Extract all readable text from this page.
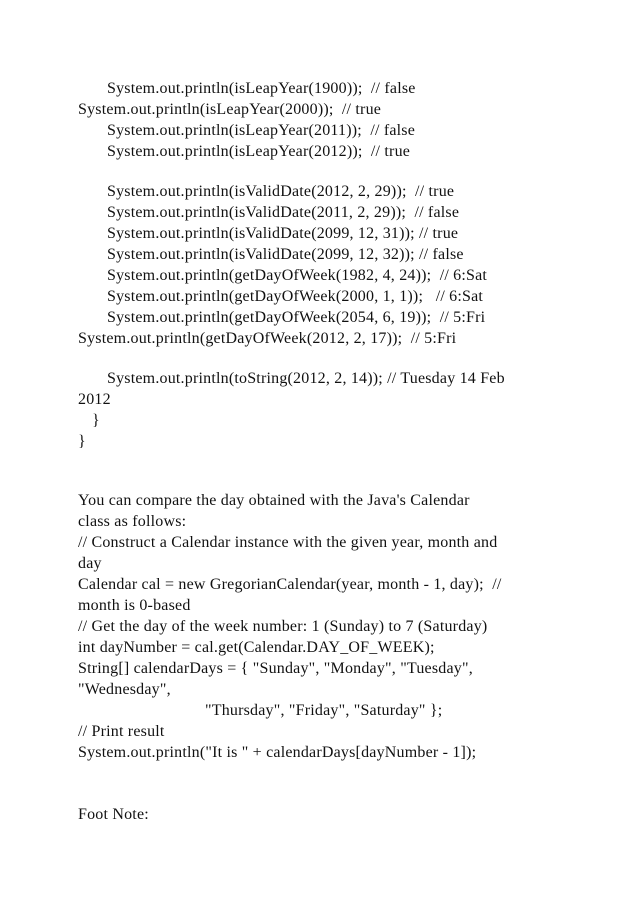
System.out.println(isLeapYear(1900));  // false
System.out.println(isLeapYear(2000));  // true
System.out.println(isLeapYear(2011));  // false
System.out.println(isLeapYear(2012));  // true
System.out.println(isValidDate(2012, 2, 29));  // true
System.out.println(isValidDate(2011, 2, 29));  // false
System.out.println(isValidDate(2099, 12, 31)); // true
System.out.println(isValidDate(2099, 12, 32)); // false
System.out.println(getDayOfWeek(1982, 4, 24));  // 6:Sat
System.out.println(getDayOfWeek(2000, 1, 1));   // 6:Sat
System.out.println(getDayOfWeek(2054, 6, 19));  // 5:Fri
System.out.println(getDayOfWeek(2012, 2, 17));  // 5:Fri
System.out.println(toString(2012, 2, 14)); // Tuesday 14 Feb
2012
}
}
You can compare the day obtained with the Java's Calendar
class as follows:
// Construct a Calendar instance with the given year, month and
day
Calendar cal = new GregorianCalendar(year, month - 1, day);  //
month is 0-based
// Get the day of the week number: 1 (Sunday) to 7 (Saturday)
int dayNumber = cal.get(Calendar.DAY_OF_WEEK);
String[] calendarDays = { "Sunday", "Monday", "Tuesday",
"Wednesday",
"Thursday", "Friday", "Saturday" };
// Print result
System.out.println("It is " + calendarDays[dayNumber - 1]);
Foot Note:
